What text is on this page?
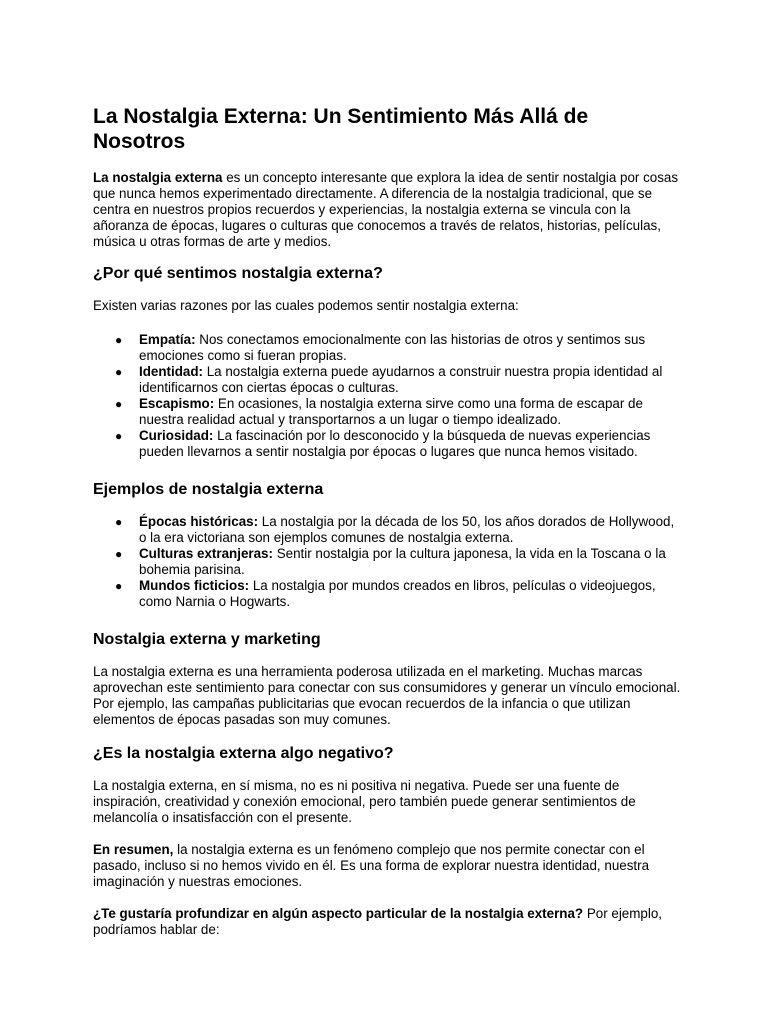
La Nostalgia Externa: Un Sentimiento Más Allá de Nosotros

La nostalgia externa es un concepto interesante que explora la idea de sentir nostalgia por cosas que nunca hemos experimentado directamente. A diferencia de la nostalgia tradicional, que se centra en nuestros propios recuerdos y experiencias, la nostalgia externa se vincula con la añoranza de épocas, lugares o culturas que conocemos a través de relatos, historias, películas, música u otras formas de arte y medios.

¿Por qué sentimos nostalgia externa?

Existen varias razones por las cuales podemos sentir nostalgia externa:

● Empatía: Nos conectamos emocionalmente con las historias de otros y sentimos sus emociones como si fueran propias.
● Identidad: La nostalgia externa puede ayudarnos a construir nuestra propia identidad al identificarnos con ciertas épocas o culturas.
● Escapismo: En ocasiones, la nostalgia externa sirve como una forma de escapar de nuestra realidad actual y transportarnos a un lugar o tiempo idealizado.
● Curiosidad: La fascinación por lo desconocido y la búsqueda de nuevas experiencias pueden llevarnos a sentir nostalgia por épocas o lugares que nunca hemos visitado.
Ejemplos de nostalgia externa
● Épocas históricas: La nostalgia por la década de los 50, los años dorados de Hollywood, o la era victoriana son ejemplos comunes de nostalgia externa.
● Culturas extranjeras: Sentir nostalgia por la cultura japonesa, la vida en la Toscana o la bohemia parisina.
● Mundos ficticios: La nostalgia por mundos creados en libros, películas o videojuegos, como Narnia o Hogwarts.
Nostalgia externa y marketing

La nostalgia externa es una herramienta poderosa utilizada en el marketing. Muchas marcas aprovechan este sentimiento para conectar con sus consumidores y generar un vínculo emocional. Por ejemplo, las campañas publicitarias que evocan recuerdos de la infancia o que utilizan elementos de épocas pasadas son muy comunes.

¿Es la nostalgia externa algo negativo?

La nostalgia externa, en sí misma, no es ni positiva ni negativa. Puede ser una fuente de inspiración, creatividad y conexión emocional, pero también puede generar sentimientos de melancolía o insatisfacción con el presente.

En resumen, la nostalgia externa es un fenómeno complejo que nos permite conectar con el pasado, incluso si no hemos vivido en él. Es una forma de explorar nuestra identidad, nuestra imaginación y nuestras emociones.

¿Te gustaría profundizar en algún aspecto particular de la nostalgia externa? Por ejemplo, podríamos hablar de:
